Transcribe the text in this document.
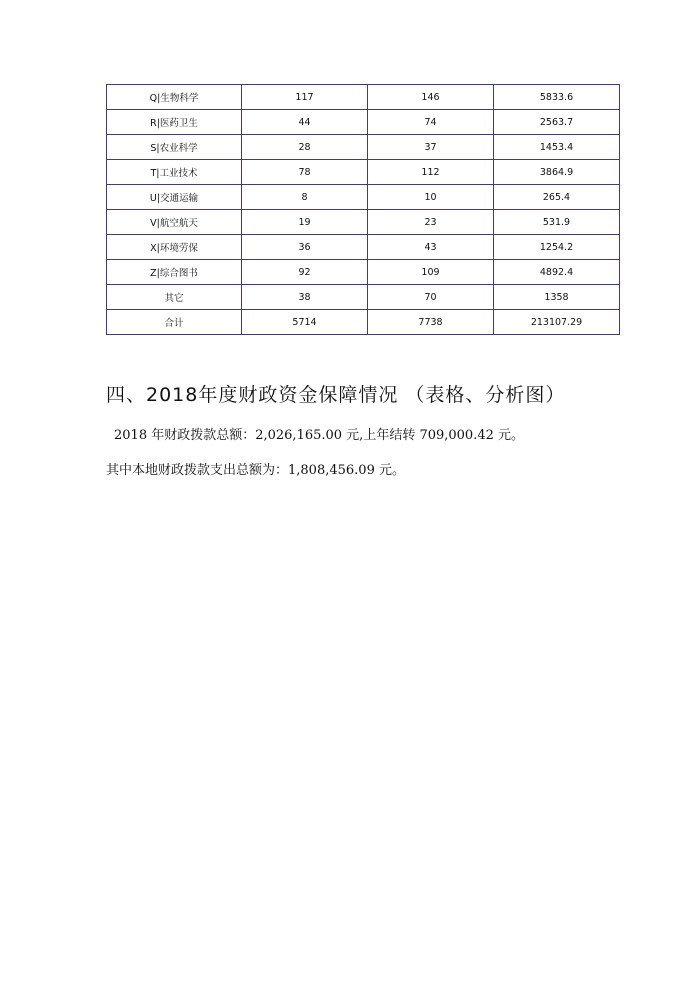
Q|生物科学	117	146	5833.6
R|医药卫生	44	74	2563.7
S|农业科学	28	37	1453.4
T|工业技术	78	112	3864.9
U|交通运输	8	10	265.4
V|航空航天	19	23	531.9
X|环境劳保	36	43	1254.2
Z|综合图书	92	109	4892.4
其它	38	70	1358
合计	5714	7738	213107.29
四、2018年度财政资金保障情况 （表格、分析图）

2018 年财政拨款总额：2,026,165.00 元,上年结转 709,000.42 元。

其中本地财政拨款支出总额为：1,808,456.09 元。
